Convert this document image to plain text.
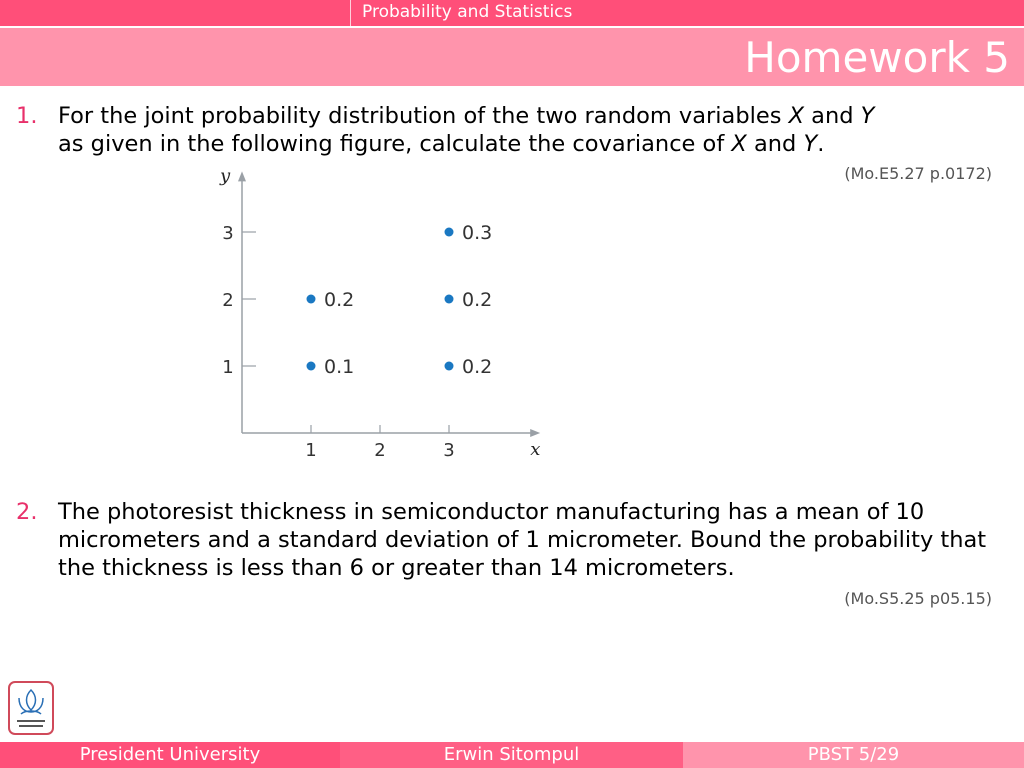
Probability and Statistics
Homework 5
1. For the joint probability distribution of the two random variables X and Y
as given in the following figure, calculate the covariance of X and Y.
(Mo.E5.27 p.0172)
x
y
1	2	3
1
2
3
0.1
0.2
0.2
0.2
0.3
2. The photoresist thickness in semiconductor manufacturing has a mean of 10 micrometers and a standard deviation of 1 micrometer. Bound the probability that the thickness is less than 6 or greater than 14 micrometers.
(Mo.S5.25 p05.15)
President University	Erwin Sitompul	PBST 5/29
